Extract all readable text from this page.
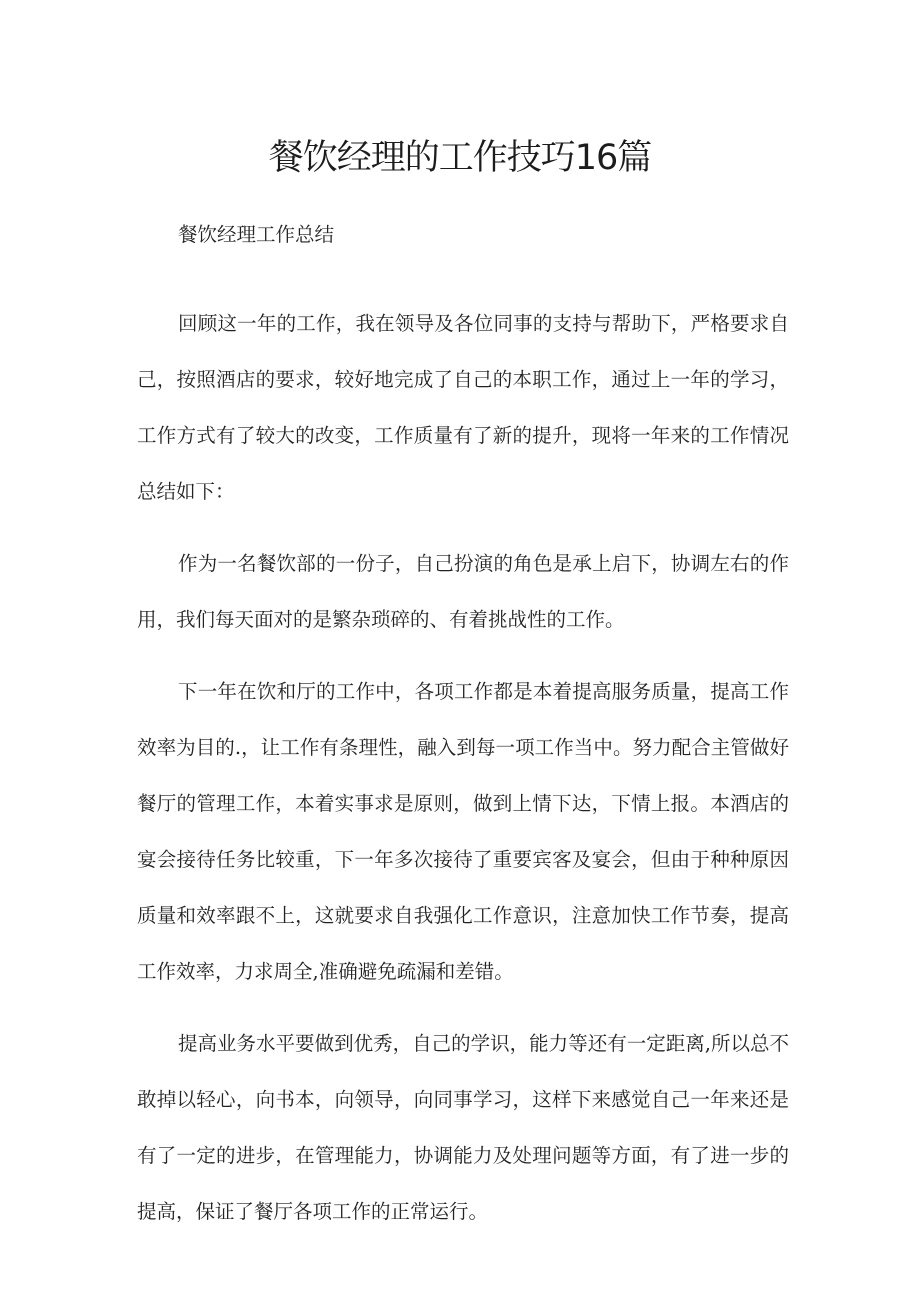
餐饮经理的工作技巧16篇

餐饮经理工作总结

回顾这一年的工作，我在领导及各位同事的支持与帮助下，严格要求自己，按照酒店的要求，较好地完成了自己的本职工作，通过上一年的学习，工作方式有了较大的改变，工作质量有了新的提升，现将一年来的工作情况总结如下：

作为一名餐饮部的一份子，自己扮演的角色是承上启下，协调左右的作用，我们每天面对的是繁杂琐碎的、有着挑战性的工作。

下一年在饮和厅的工作中，各项工作都是本着提高服务质量，提高工作效率为目的.，让工作有条理性，融入到每一项工作当中。努力配合主管做好餐厅的管理工作，本着实事求是原则，做到上情下达，下情上报。本酒店的宴会接待任务比较重，下一年多次接待了重要宾客及宴会，但由于种种原因质量和效率跟不上，这就要求自我强化工作意识，注意加快工作节奏，提高工作效率，力求周全,准确避免疏漏和差错。

提高业务水平要做到优秀，自己的学识，能力等还有一定距离,所以总不敢掉以轻心，向书本，向领导，向同事学习，这样下来感觉自己一年来还是有了一定的进步，在管理能力，协调能力及处理问题等方面，有了进一步的提高，保证了餐厅各项工作的正常运行。
